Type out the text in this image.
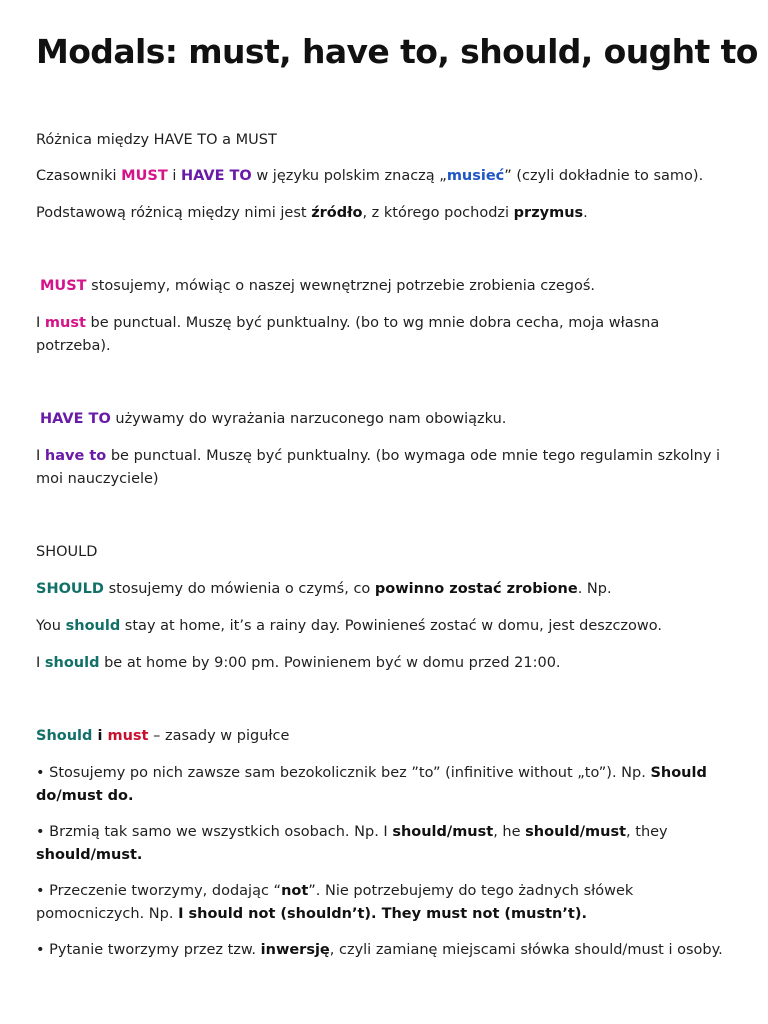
Modals: must, have to, should, ought to

Różnica między HAVE TO a MUST

Czasowniki MUST i HAVE TO w języku polskim znaczą „musieć” (czyli dokładnie to samo).

Podstawową różnicą między nimi jest źródło, z którego pochodzi przymus.

MUST stosujemy, mówiąc o naszej wewnętrznej potrzebie zrobienia czegoś.

I must be punctual. Muszę być punktualny. (bo to wg mnie dobra cecha, moja własna potrzeba).

HAVE TO używamy do wyrażania narzuconego nam obowiązku.

I have to be punctual. Muszę być punktualny. (bo wymaga ode mnie tego regulamin szkolny i moi nauczyciele)

SHOULD

SHOULD stosujemy do mówienia o czymś, co powinno zostać zrobione. Np.

You should stay at home, it’s a rainy day. Powinieneś zostać w domu, jest deszczowo.

I should be at home by 9:00 pm. Powinienem być w domu przed 21:00.

Should i must – zasady w pigułce

• Stosujemy po nich zawsze sam bezokolicznik bez ”to” (infinitive without „to”). Np. Should do/must do.

• Brzmią tak samo we wszystkich osobach. Np. I should/must, he should/must, they should/must.

• Przeczenie tworzymy, dodając “not”. Nie potrzebujemy do tego żadnych słówek pomocniczych. Np. I should not (shouldn’t). They must not (mustn’t).

• Pytanie tworzymy przez tzw. inwersję, czyli zamianę miejscami słówka should/must i osoby.
